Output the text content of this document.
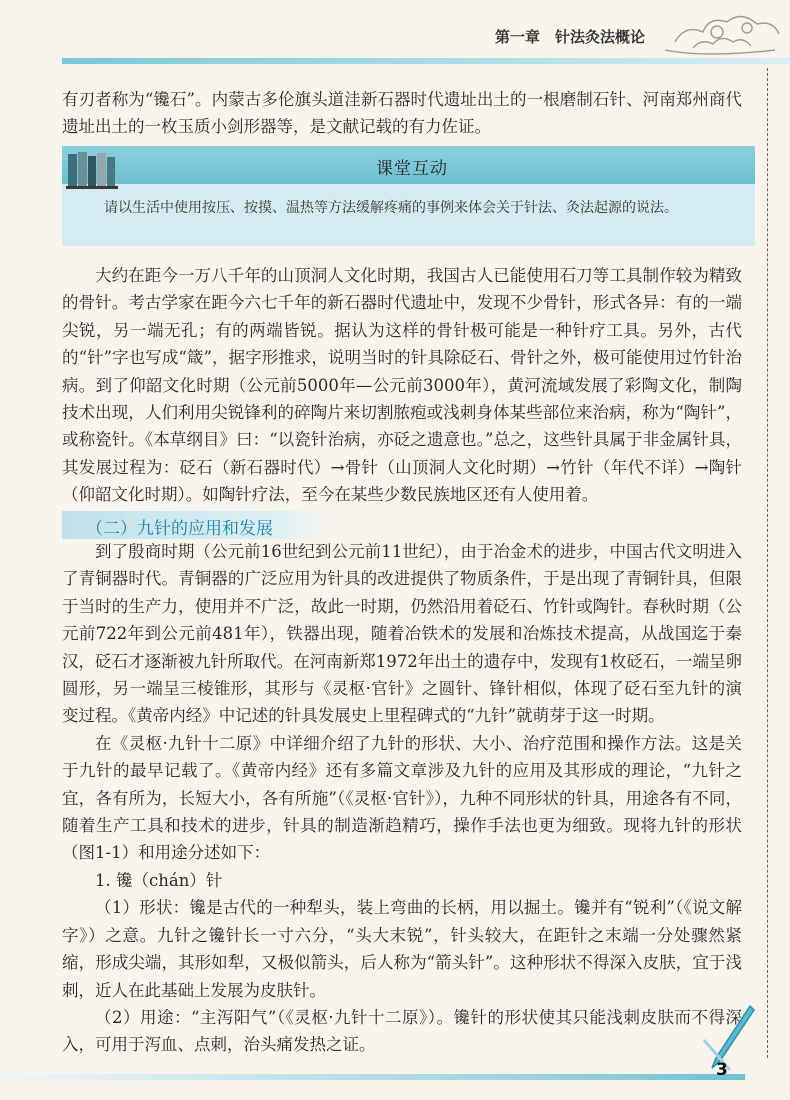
第一章　针法灸法概论

有刃者称为“镵石”。内蒙古多伦旗头道洼新石器时代遗址出土的一根磨制石针、河南郑州商代遗址出土的一枚玉质小剑形器等，是文献记载的有力佐证。

课堂互动
请以生活中使用按压、按摸、温热等方法缓解疼痛的事例来体会关于针法、灸法起源的说法。

大约在距今一万八千年的山顶洞人文化时期，我国古人已能使用石刀等工具制作较为精致的骨针。考古学家在距今六七千年的新石器时代遗址中，发现不少骨针，形式各异：有的一端尖锐，另一端无孔；有的两端皆锐。据认为这样的骨针极可能是一种针疗工具。另外，古代的“针”字也写成“箴”，据字形推求，说明当时的针具除砭石、骨针之外，极可能使用过竹针治病。到了仰韶文化时期（公元前5000年—公元前3000年），黄河流域发展了彩陶文化，制陶技术出现，人们利用尖锐锋利的碎陶片来切割脓疱或浅刺身体某些部位来治病，称为“陶针”，或称瓷针。《本草纲目》曰：“以瓷针治病，亦砭之遗意也。”总之，这些针具属于非金属针具，其发展过程为：砭石（新石器时代）→骨针（山顶洞人文化时期）→竹针（年代不详）→陶针（仰韶文化时期）。如陶针疗法，至今在某些少数民族地区还有人使用着。

（二）九针的应用和发展

到了殷商时期（公元前16世纪到公元前11世纪），由于冶金术的进步，中国古代文明进入了青铜器时代。青铜器的广泛应用为针具的改进提供了物质条件，于是出现了青铜针具，但限于当时的生产力，使用并不广泛，故此一时期，仍然沿用着砭石、竹针或陶针。春秋时期（公元前722年到公元前481年），铁器出现，随着冶铁术的发展和冶炼技术提高，从战国迄于秦汉，砭石才逐渐被九针所取代。在河南新郑1972年出土的遗存中，发现有1枚砭石，一端呈卵圆形，另一端呈三棱锥形，其形与《灵枢·官针》之圆针、锋针相似，体现了砭石至九针的演变过程。《黄帝内经》中记述的针具发展史上里程碑式的“九针”就萌芽于这一时期。

在《灵枢·九针十二原》中详细介绍了九针的形状、大小、治疗范围和操作方法。这是关于九针的最早记载了。《黄帝内经》还有多篇文章涉及九针的应用及其形成的理论，“九针之宜，各有所为，长短大小，各有所施”（《灵枢·官针》），九种不同形状的针具，用途各有不同，随着生产工具和技术的进步，针具的制造渐趋精巧，操作手法也更为细致。现将九针的形状（图1-1）和用途分述如下：

1. 镵（chán）针

（1）形状：镵是古代的一种犁头，装上弯曲的长柄，用以掘土。镵并有“锐利”（《说文解字》）之意。九针之镵针长一寸六分，“头大末锐”，针头较大，在距针之末端一分处骤然紧缩，形成尖端，其形如犁，又极似箭头，后人称为“箭头针”。这种形状不得深入皮肤，宜于浅刺，近人在此基础上发展为皮肤针。

（2）用途：“主泻阳气”（《灵枢·九针十二原》）。镵针的形状使其只能浅刺皮肤而不得深入，可用于泻血、点刺，治头痛发热之证。

3
